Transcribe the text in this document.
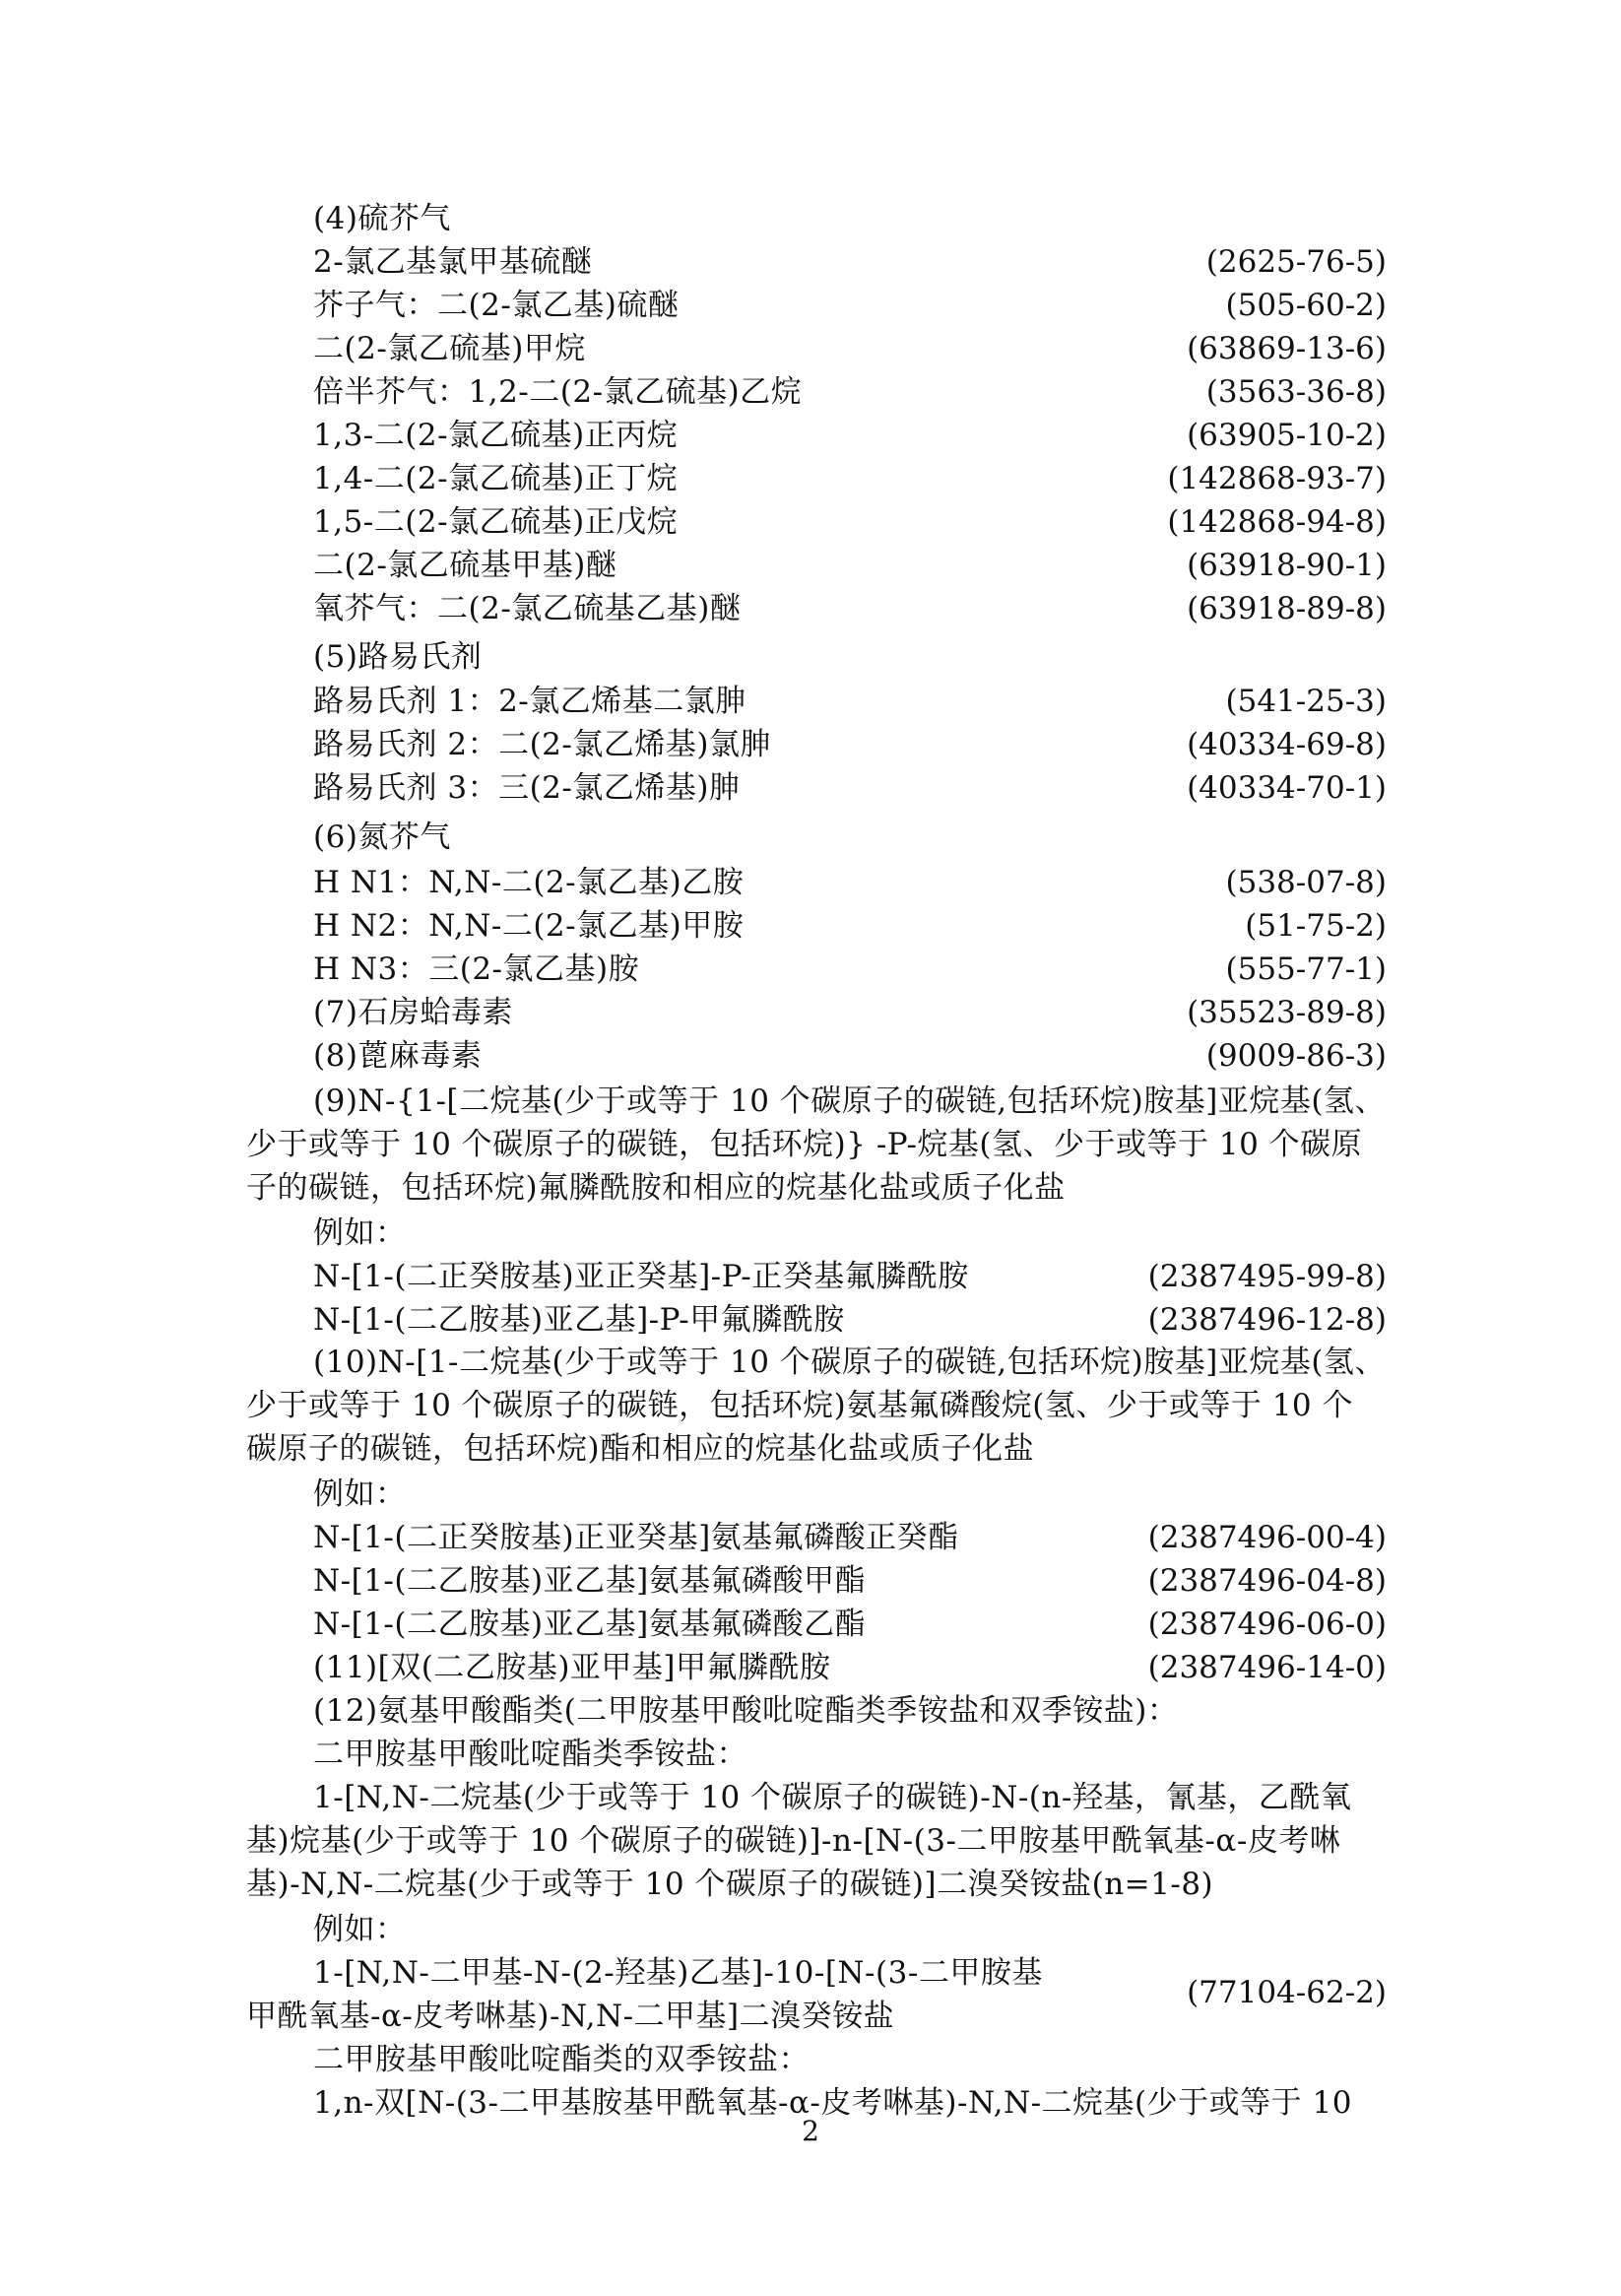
(4)硫芥气
2-氯乙基氯甲基硫醚
芥子气：二(2-氯乙基)硫醚
二(2-氯乙硫基)甲烷
倍半芥气：1,2-二(2-氯乙硫基)乙烷
1,3-二(2-氯乙硫基)正丙烷
1,4-二(2-氯乙硫基)正丁烷
1,5-二(2-氯乙硫基)正戊烷
二(2-氯乙硫基甲基)醚
氧芥气：二(2-氯乙硫基乙基)醚
(5)路易氏剂
路易氏剂 1：2-氯乙烯基二氯胂
路易氏剂 2：二(2-氯乙烯基)氯胂
路易氏剂 3：三(2-氯乙烯基)胂
(6)氮芥气
H N1：N,N-二(2-氯乙基)乙胺
H N2：N,N-二(2-氯乙基)甲胺
H N3：三(2-氯乙基)胺
(7)石房蛤毒素
(8)蓖麻毒素
(9)N-{1-[二烷基(少于或等于 10 个碳原子的碳链,包括环烷)胺基]亚烷基(氢、
少于或等于 10 个碳原子的碳链，包括环烷)} -P-烷基(氢、少于或等于 10 个碳原
子的碳链，包括环烷)氟膦酰胺和相应的烷基化盐或质子化盐
例如：
N-[1-(二正癸胺基)亚正癸基]-P-正癸基氟膦酰胺
N-[1-(二乙胺基)亚乙基]-P-甲氟膦酰胺
(10)N-[1-二烷基(少于或等于 10 个碳原子的碳链,包括环烷)胺基]亚烷基(氢、
少于或等于 10 个碳原子的碳链，包括环烷)氨基氟磷酸烷(氢、少于或等于 10 个
碳原子的碳链，包括环烷)酯和相应的烷基化盐或质子化盐
例如：
N-[1-(二正癸胺基)正亚癸基]氨基氟磷酸正癸酯
N-[1-(二乙胺基)亚乙基]氨基氟磷酸甲酯
N-[1-(二乙胺基)亚乙基]氨基氟磷酸乙酯
(11)[双(二乙胺基)亚甲基]甲氟膦酰胺
(12)氨基甲酸酯类(二甲胺基甲酸吡啶酯类季铵盐和双季铵盐)：
二甲胺基甲酸吡啶酯类季铵盐：
1-[N,N-二烷基(少于或等于 10 个碳原子的碳链)-N-(n-羟基，氰基，乙酰氧
基)烷基(少于或等于 10 个碳原子的碳链)]-n-[N-(3-二甲胺基甲酰氧基-α-皮考啉
基)-N,N-二烷基(少于或等于 10 个碳原子的碳链)]二溴癸铵盐(n=1-8)
例如：
1-[N,N-二甲基-N-(2-羟基)乙基]-10-[N-(3-二甲胺基
甲酰氧基-α-皮考啉基)-N,N-二甲基]二溴癸铵盐
二甲胺基甲酸吡啶酯类的双季铵盐：
1,n-双[N-(3-二甲基胺基甲酰氧基-α-皮考啉基)-N,N-二烷基(少于或等于 10
(2625-76-5)
(505-60-2)
(63869-13-6)
(3563-36-8)
(63905-10-2)
(142868-93-7)
(142868-94-8)
(63918-90-1)
(63918-89-8)
(541-25-3)
(40334-69-8)
(40334-70-1)
(538-07-8)
(51-75-2)
(555-77-1)
(35523-89-8)
(9009-86-3)
(2387495-99-8)
(2387496-12-8)
(2387496-00-4)
(2387496-04-8)
(2387496-06-0)
(2387496-14-0)
(77104-62-2)
2
